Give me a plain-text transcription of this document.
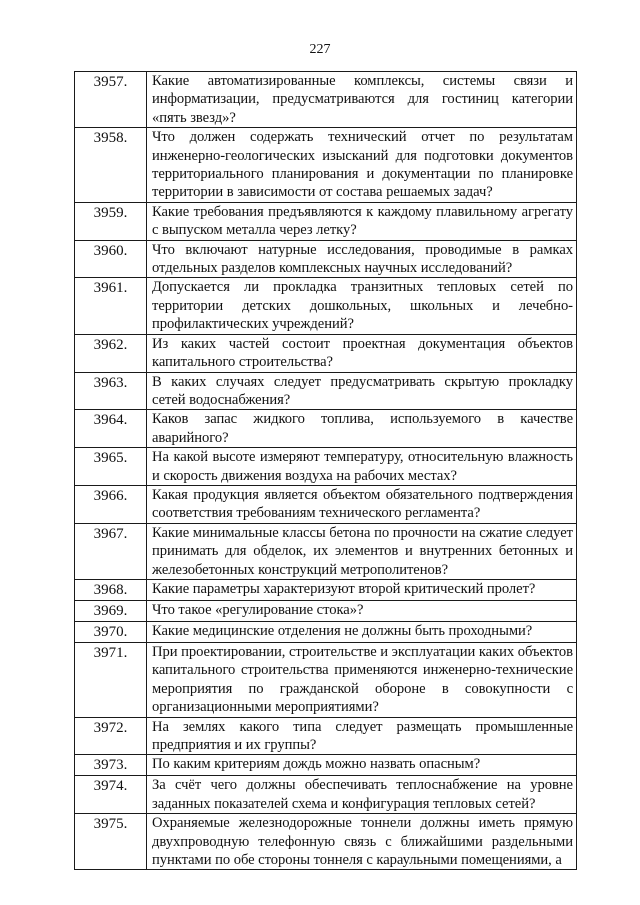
227
3957.	Какие автоматизированные комплексы, системы связи и информатизации, предусматриваются для гостиниц категории «пять звезд»?
3958.	Что должен содержать технический отчет по результатам инженерно-геологических изысканий для подготовки документов территориального планирования и документации по планировке территории в зависимости от состава решаемых задач?
3959.	Какие требования предъявляются к каждому плавильному агрегату с выпуском металла через летку?
3960.	Что включают натурные исследования, проводимые в рамках отдельных разделов комплексных научных исследований?
3961.	Допускается ли прокладка транзитных тепловых сетей по территории детских дошкольных, школьных и лечебно-профилактических учреждений?
3962.	Из каких частей состоит проектная документация объектов капитального строительства?
3963.	В каких случаях следует предусматривать скрытую прокладку сетей водоснабжения?
3964.	Каков запас жидкого топлива, используемого в качестве аварийного?
3965.	На какой высоте измеряют температуру, относительную влажность и скорость движения воздуха на рабочих местах?
3966.	Какая продукция является объектом обязательного подтверждения соответствия требованиям технического регламента?
3967.	Какие минимальные классы бетона по прочности на сжатие следует принимать для обделок, их элементов и внутренних бетонных и железобетонных конструкций метрополитенов?
3968.	Какие параметры характеризуют второй критический пролет?
3969.	Что такое «регулирование стока»?
3970.	Какие медицинские отделения не должны быть проходными?
3971.	При проектировании, строительстве и эксплуатации каких объектов капитального строительства применяются инженерно-технические мероприятия по гражданской обороне в совокупности с организационными мероприятиями?
3972.	На землях какого типа следует размещать промышленные предприятия и их группы?
3973.	По каким критериям дождь можно назвать опасным?
3974.	За счёт чего должны обеспечивать теплоснабжение на уровне заданных показателей схема и конфигурация тепловых сетей?
3975.	Охраняемые железнодорожные тоннели должны иметь прямую двухпроводную телефонную связь с ближайшими раздельными пунктами по обе стороны тоннеля с караульными помещениями, а
